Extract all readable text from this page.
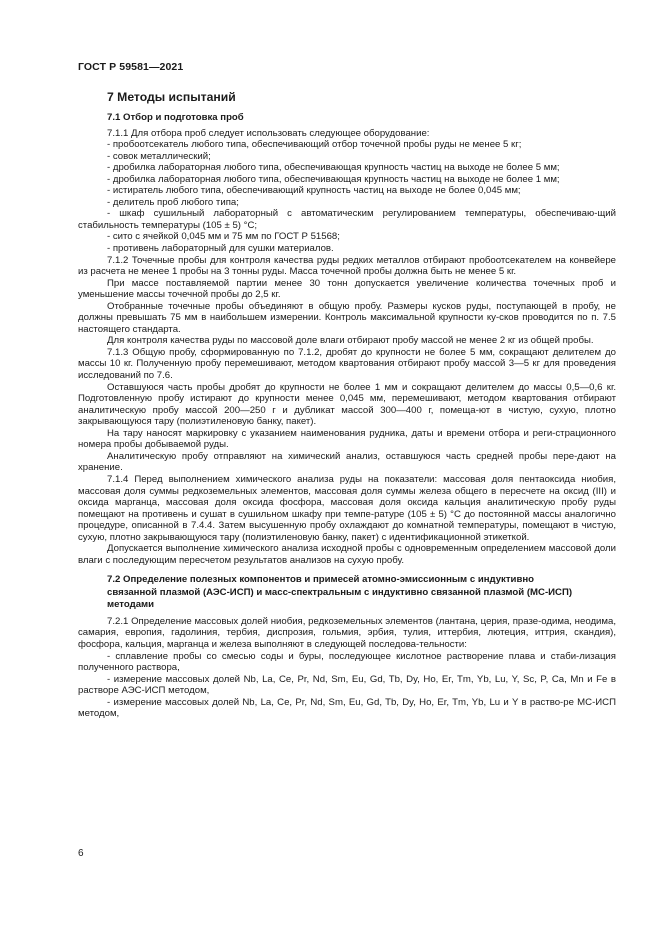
ГОСТ Р 59581—2021

7 Методы испытаний

7.1 Отбор и подготовка проб

7.1.1 Для отбора проб следует использовать следующее оборудование:

- пробоотсекатель любого типа, обеспечивающий отбор точечной пробы руды не менее 5 кг;

- совок металлический;

- дробилка лабораторная любого типа, обеспечивающая крупность частиц на выходе не более 5 мм;

- дробилка лабораторная любого типа, обеспечивающая крупность частиц на выходе не более 1 мм;

- истиратель любого типа, обеспечивающий крупность частиц на выходе не более 0,045 мм;

- делитель проб любого типа;

- шкаф сушильный лабораторный с автоматическим регулированием температуры, обеспечиваю-щий стабильность температуры (105 ± 5) °С;

- сито с ячейкой 0,045 мм и 75 мм по ГОСТ Р 51568;

- противень лабораторный для сушки материалов.

7.1.2 Точечные пробы для контроля качества руды редких металлов отбирают пробоотсекателем на конвейере из расчета не менее 1 пробы на 3 тонны руды. Масса точечной пробы должна быть не менее 5 кг.

При массе поставляемой партии менее 30 тонн допускается увеличение количества точечных проб и уменьшение массы точечной пробы до 2,5 кг.

Отобранные точечные пробы объединяют в общую пробу. Размеры кусков руды, поступающей в пробу, не должны превышать 75 мм в наибольшем измерении. Контроль максимальной крупности ку-сков проводится по п. 7.5 настоящего стандарта.

Для контроля качества руды по массовой доле влаги отбирают пробу массой не менее 2 кг из общей пробы.

7.1.3 Общую пробу, сформированную по 7.1.2, дробят до крупности не более 5 мм, сокращают делителем до массы 10 кг. Полученную пробу перемешивают, методом квартования отбирают пробу массой 3—5 кг для проведения исследований по 7.6.

Оставшуюся часть пробы дробят до крупности не более 1 мм и сокращают делителем до массы 0,5—0,6 кг. Подготовленную пробу истирают до крупности менее 0,045 мм, перемешивают, методом квартования отбирают аналитическую пробу массой 200—250 г и дубликат массой 300—400 г, помеща-ют в чистую, сухую, плотно закрывающуюся тару (полиэтиленовую банку, пакет).

На тару наносят маркировку с указанием наименования рудника, даты и времени отбора и реги-страционного номера пробы добываемой руды.

Аналитическую пробу отправляют на химический анализ, оставшуюся часть средней пробы пере-дают на хранение.

7.1.4 Перед выполнением химического анализа руды на показатели: массовая доля пентаоксида ниобия, массовая доля суммы редкоземельных элементов, массовая доля суммы железа общего в пересчете на оксид (III) и оксида марганца, массовая доля оксида фосфора, массовая доля оксида кальция аналитическую пробу руды помещают на противень и сушат в сушильном шкафу при темпе-ратуре (105 ± 5) °С до постоянной массы аналогично процедуре, описанной в 7.4.4. Затем высушенную пробу охлаждают до комнатной температуры, помещают в чистую, сухую, плотно закрывающуюся тару (полиэтиленовую банку, пакет) с идентификационной этикеткой.

Допускается выполнение химического анализа исходной пробы с одновременным определением массовой доли влаги с последующим пересчетом результатов анализов на сухую пробу.

7.2 Определение полезных компонентов и примесей атомно-эмиссионным с индуктивно

связанной плазмой (АЭС-ИСП) и масс-спектральным с индуктивно связанной плазмой (МС-ИСП)

методами

7.2.1 Определение массовых долей ниобия, редкоземельных элементов (лантана, церия, празе-одима, неодима, самария, европия, гадолиния, тербия, диспрозия, гольмия, эрбия, тулия, иттербия, лютеция, иттрия, скандия), фосфора, кальция, марганца и железа выполняют в следующей последова-тельности:

- сплавление пробы со смесью соды и буры, последующее кислотное растворение плава и стаби-лизация полученного раствора,

- измерение массовых долей Nb, La, Се, Pr, Nd, Sm, Eu, Gd, Tb, Dy, Но, Er, Tm, Yb, Lu, Y, Sc, P, Ca, Mn и Fe в растворе АЭС-ИСП методом,

- измерение массовых долей Nb, La, Се, Pr, Nd, Sm, Eu, Gd, Tb, Dy, Но, Er, Tm, Yb, Lu и Y в раство-ре МС-ИСП методом,

6
